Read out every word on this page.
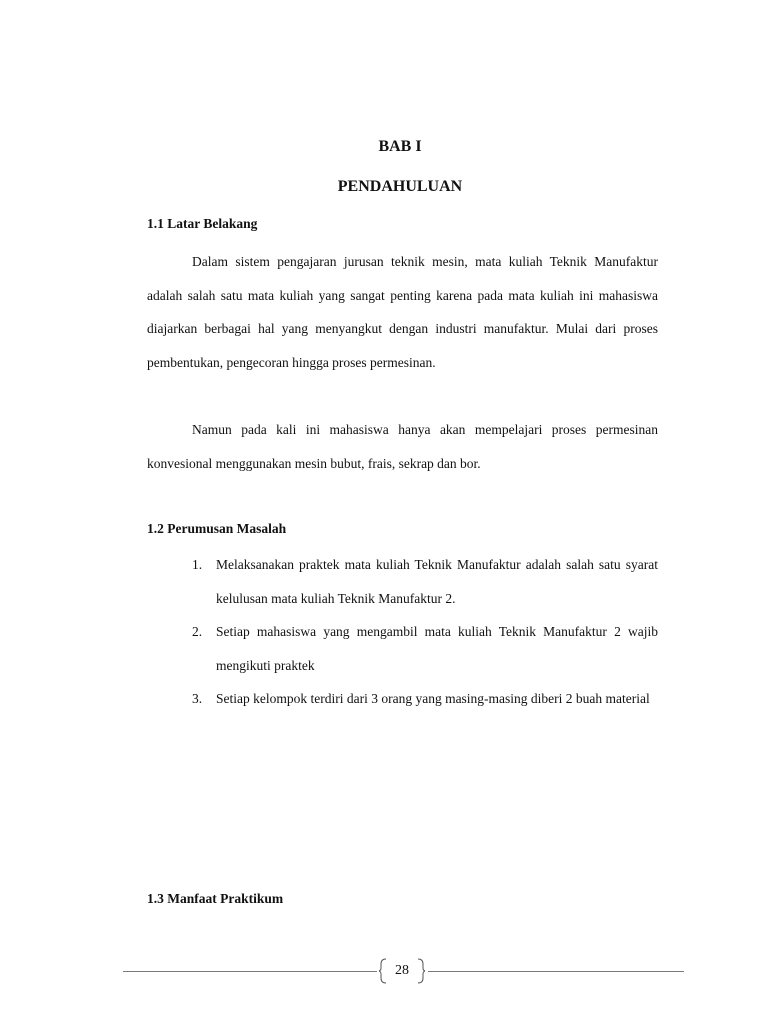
BAB I
PENDAHULUAN
1.1 Latar Belakang

Dalam sistem pengajaran jurusan teknik mesin, mata kuliah Teknik Manufaktur adalah salah satu mata kuliah yang sangat penting karena pada mata kuliah ini mahasiswa diajarkan berbagai hal yang menyangkut dengan industri manufaktur. Mulai dari proses pembentukan, pengecoran hingga proses permesinan.

Namun pada kali ini mahasiswa hanya akan mempelajari proses permesinan konvesional menggunakan mesin bubut, frais, sekrap dan bor.

1.2 Perumusan Masalah
1. Melaksanakan praktek mata kuliah Teknik Manufaktur adalah salah satu syarat kelulusan mata kuliah Teknik Manufaktur 2.
2. Setiap mahasiswa yang mengambil mata kuliah Teknik Manufaktur 2 wajib mengikuti praktek
3. Setiap kelompok terdiri dari 3 orang yang masing-masing diberi 2 buah material
1.3 Manfaat Praktikum
28
